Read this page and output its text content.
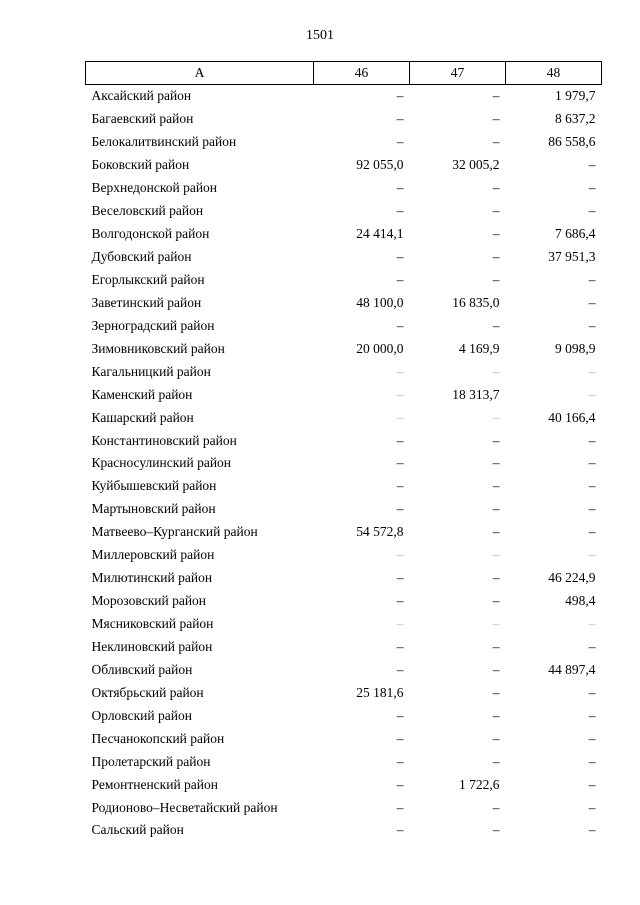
1501
А	46	47	48
Аксайский район	–	–	1 979,7
Багаевский район	–	–	8 637,2
Белокалитвинский район	–	–	86 558,6
Боковский район	92 055,0	32 005,2	–
Верхнедонской район	–	–	–
Веселовский район	–	–	–
Волгодонской район	24 414,1	–	7 686,4
Дубовский район	–	–	37 951,3
Егорлыкский район	–	–	–
Заветинский район	48 100,0	16 835,0	–
Зерноградский район	–	–	–
Зимовниковский район	20 000,0	4 169,9	9 098,9
Кагальницкий район	–	–	–
Каменский район	–	18 313,7	–
Кашарский район	–	–	40 166,4
Константиновский район	–	–	–
Красносулинский район	–	–	–
Куйбышевский район	–	–	–
Мартыновский район	–	–	–
Матвеево–Курганский район	54 572,8	–	–
Миллеровский район	–	–	–
Милютинский район	–	–	46 224,9
Морозовский район	–	–	498,4
Мясниковский район	–	–	–
Неклиновский район	–	–	–
Обливский район	–	–	44 897,4
Октябрьский район	25 181,6	–	–
Орловский район	–	–	–
Песчанокопский район	–	–	–
Пролетарский район	–	–	–
Ремонтненский район	–	1 722,6	–
Родионово–Несветайский район	–	–	–
Сальский район	–	–	–
